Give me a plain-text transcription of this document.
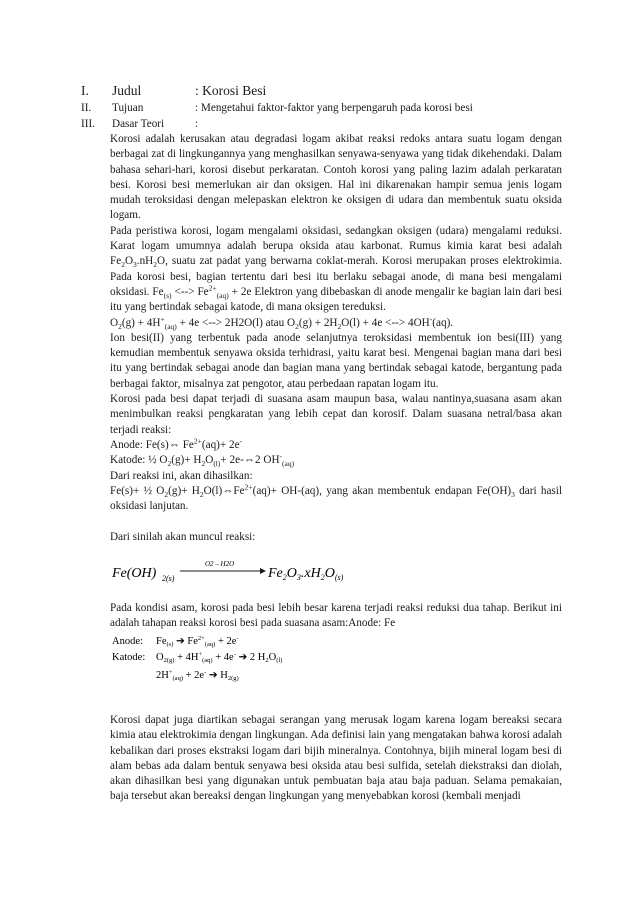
I. Judul	: Korosi Besi
II. Tujuan	: Mengetahui faktor-faktor yang berpengaruh pada korosi besi
III. Dasar Teori	:

Korosi adalah kerusakan atau degradasi logam akibat reaksi redoks antara suatu logam dengan berbagai zat di lingkungannya yang menghasilkan senyawa-senyawa yang tidak dikehendaki. Dalam bahasa sehari-hari, korosi disebut perkaratan. Contoh korosi yang paling lazim adalah perkaratan besi. Korosi besi memerlukan air dan oksigen. Hal ini dikarenakan hampir semua jenis logam mudah teroksidasi dengan melepaskan elektron ke oksigen di udara dan membentuk suatu oksida logam.

Pada peristiwa korosi, logam mengalami oksidasi, sedangkan oksigen (udara) mengalami reduksi. Karat logam umumnya adalah berupa oksida atau karbonat. Rumus kimia karat besi adalah $Fe_2O_3.nH_2O$, suatu zat padat yang berwarna coklat-merah. Korosi merupakan proses elektrokimia. Pada korosi besi, bagian tertentu dari besi itu berlaku sebagai anode, di mana besi mengalami oksidasi. $Fe_{(s)}$ <--> $Fe^{2+}_{(aq)} + 2e$ Elektron yang dibebaskan di anode mengalir ke bagian lain dari besi itu yang bertindak sebagai katode, di mana oksigen tereduksi.

$O_2(g) + 4H^+_{(aq)} + 4e$ <--> 2H2O(l) atau $O_2(g) + 2H_2O(l) + 4e$ <--> 4OH-(aq).

Ion besi(II) yang terbentuk pada anode selanjutnya teroksidasi membentuk ion besi(III) yang kemudian membentuk senyawa oksida terhidrasi, yaitu karat besi. Mengenai bagian mana dari besi itu yang bertindak sebagai anode dan bagian mana yang bertindak sebagai katode, bergantung pada berbagai faktor, misalnya zat pengotor, atau perbedaan rapatan logam itu.

Korosi pada besi dapat terjadi di suasana asam maupun basa, walau nantinya,suasana asam akan menimbulkan reaksi pengkaratan yang lebih cepat dan korosif. Dalam suasana netral/basa akan terjadi reaksi:

Anode: Fe(s)⇔ $Fe^{2+}(aq)+ 2e^-$

Katode: ½ $O_2(g)+ H_2O_{(l)}+$ 2e-⇔2 $OH^-_{(aq)}$

Dari reaksi ini, akan dihasilkan:

Fe(s)+ ½ $O_2(g)+$ $H_2O(l)\Leftrightarrow Fe^{2+}(aq)+ OH-(aq)$, yang akan membentuk endapan $Fe(OH)_3$ dari hasil oksidasi lanjutan.

Dari sinilah akan muncul reaksi:

Fe(OH) 2(s)
O2 – H2O
$Fe_2O_3.xH_2O_{(s)}$

Pada kondisi asam, korosi pada besi lebih besar karena terjadi reaksi reduksi dua tahap. Berikut ini adalah tahapan reaksi korosi besi pada suasana asam:Anode: Fe

Anode: Fe(s) ➔ $Fe^{2+}_{(aq)} + 2e^-$
Katode: $O2(g) + 4H^+_{(aq)} + 4e^-$ ➔ 2 H2O(l)
$2H^+_{(aq)} + 2e^-$ ➔ H2(g)

Korosi dapat juga diartikan sebagai serangan yang merusak logam karena logam bereaksi secara kimia atau elektrokimia dengan lingkungan. Ada definisi lain yang mengatakan bahwa korosi adalah kebalikan dari proses ekstraksi logam dari bijih mineralnya. Contohnya, bijih mineral logam besi di alam bebas ada dalam bentuk senyawa besi oksida atau besi sulfida, setelah diekstraksi dan diolah, akan dihasilkan besi yang digunakan untuk pembuatan baja atau baja paduan. Selama pemakaian, baja tersebut akan bereaksi dengan lingkungan yang menyebabkan korosi (kembali menjadi
